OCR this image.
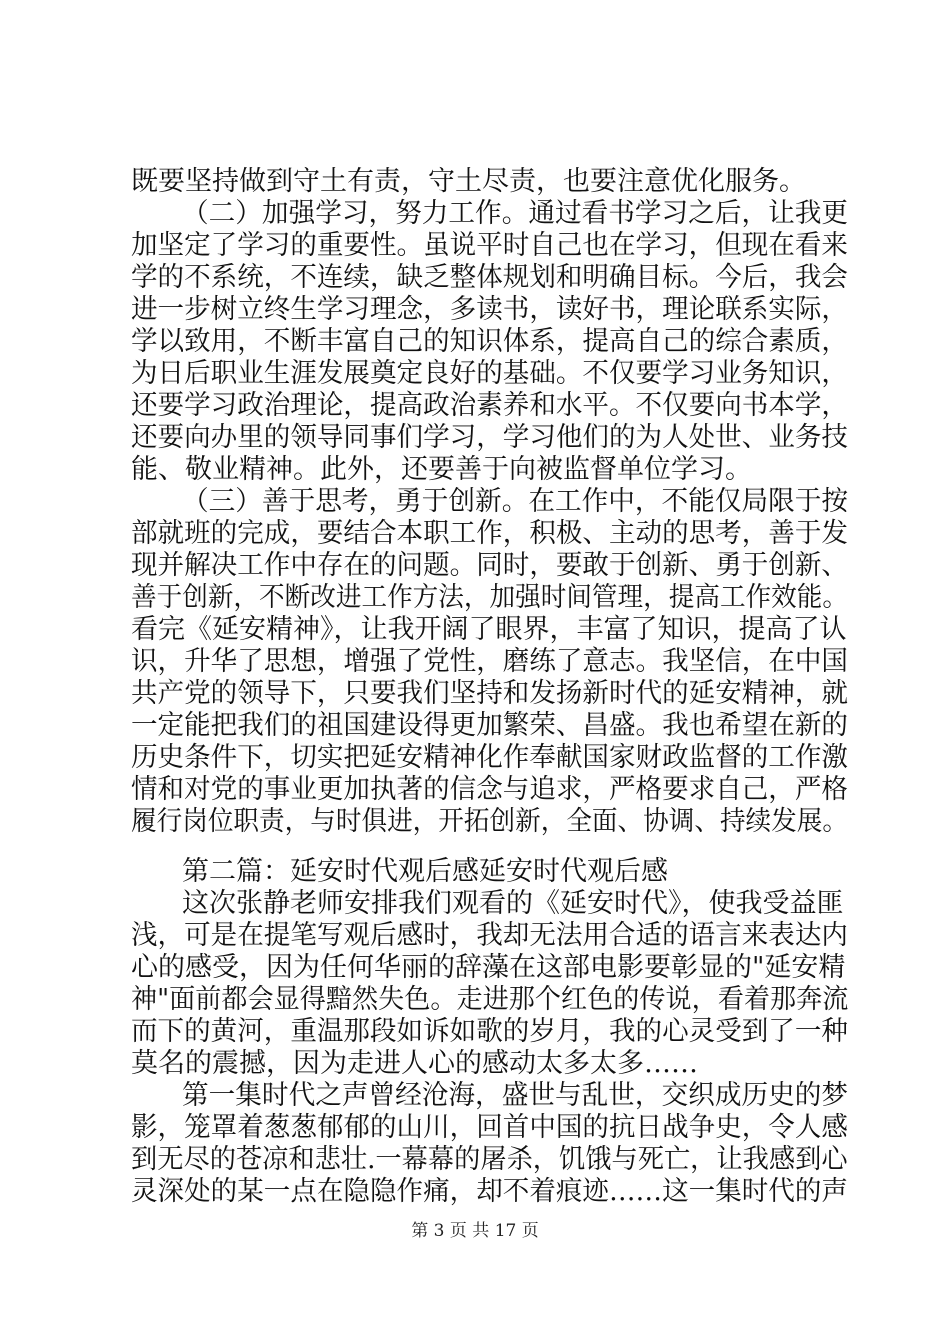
既要坚持做到守土有责，守土尽责，也要注意优化服务。
（二）加强学习，努力工作。通过看书学习之后，让我更
加坚定了学习的重要性。虽说平时自己也在学习，但现在看来
学的不系统，不连续，缺乏整体规划和明确目标。今后，我会
进一步树立终生学习理念，多读书，读好书，理论联系实际，
学以致用，不断丰富自己的知识体系，提高自己的综合素质，
为日后职业生涯发展奠定良好的基础。不仅要学习业务知识，
还要学习政治理论，提高政治素养和水平。不仅要向书本学，
还要向办里的领导同事们学习，学习他们的为人处世、业务技
能、敬业精神。此外，还要善于向被监督单位学习。
（三）善于思考，勇于创新。在工作中，不能仅局限于按
部就班的完成，要结合本职工作，积极、主动的思考，善于发
现并解决工作中存在的问题。同时，要敢于创新、勇于创新、
善于创新，不断改进工作方法，加强时间管理，提高工作效能。
看完《延安精神》，让我开阔了眼界，丰富了知识，提高了认
识，升华了思想，增强了党性，磨练了意志。我坚信，在中国
共产党的领导下，只要我们坚持和发扬新时代的延安精神，就
一定能把我们的祖国建设得更加繁荣、昌盛。我也希望在新的
历史条件下，切实把延安精神化作奉献国家财政监督的工作激
情和对党的事业更加执著的信念与追求，严格要求自己，严格
履行岗位职责，与时俱进，开拓创新，全面、协调、持续发展。
第二篇：延安时代观后感延安时代观后感
这次张静老师安排我们观看的《延安时代》，使我受益匪
浅，可是在提笔写观后感时，我却无法用合适的语言来表达内
心的感受，因为任何华丽的辞藻在这部电影要彰显的"延安精
神"面前都会显得黯然失色。走进那个红色的传说，看着那奔流
而下的黄河，重温那段如诉如歌的岁月，我的心灵受到了一种
莫名的震撼，因为走进人心的感动太多太多……
第 3 页 共 17 页
第一集时代之声曾经沧海，盛世与乱世，交织成历史的梦
影，笼罩着葱葱郁郁的山川，回首中国的抗日战争史，令人感
到无尽的苍凉和悲壮.一幕幕的屠杀，饥饿与死亡，让我感到心
灵深处的某一点在隐隐作痛，却不着痕迹……这一集时代的声
